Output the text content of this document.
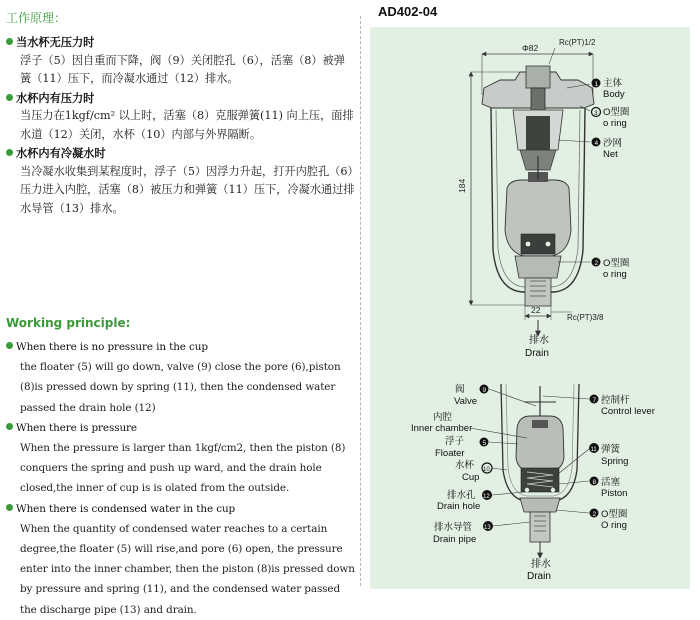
工作原理：
当水杯无压力时
浮子（5）因自重而下降，阀（9）关闭腔孔（6），活塞（8）被弹簧（11）压下，而冷凝水通过（12）排水。
水杯内有压力时
当压力在1kgf/cm² 以上时，活塞（8）克服弹簧(11) 向上压，面排水道（12）关闭，水杯（10）内部与外界隔断。
水杯内有冷凝水时
当冷凝水收集到某程度时，浮子（5）因浮力升起，打开内腔孔（6）压力进入内腔，活塞（8）被压力和弹簧（11）压下，冷凝水通过排水导管（13）排水。
Working principle:
When there is no pressure in the cup
the floater (5) will go down, valve (9) close the pore (6),piston (8)is pressed down by spring (11), then the condensed water passed the drain hole (12)
When there is pressure
When the pressure is larger than 1kgf/cm2, then the piston (8) conquers the spring and push up ward, and the drain hole closed,the inner of cup is is olated from the outside.
When there is condensed water in the cup
When the quantity of condensed water reaches to a certain degree,the floater (5) will rise,and pore (6) open, the pressure enter into the inner chamber, then the piston (8)is pressed down by pressure and spring (11), and the condensed water passed the discharge pipe (13) and drain.
AD402-04
Φ82
Rc(PT)1/2
184
22
Rc(PT)3/8
排水
Drain
1 主体
Body
3 O型圈
o ring
4 沙网
Net
2 O型圈
o ring
排水
Drain
阀
Valve
9
内腔
Inner chamber
浮子
Floater
5
水杯
Cup
10
排水孔
Drain hole
12
排水导管
Drain pipe
13
7 控制杆
Control lever
11 弹簧
Spring
8 活塞
Piston
2 O型圈
O ring
